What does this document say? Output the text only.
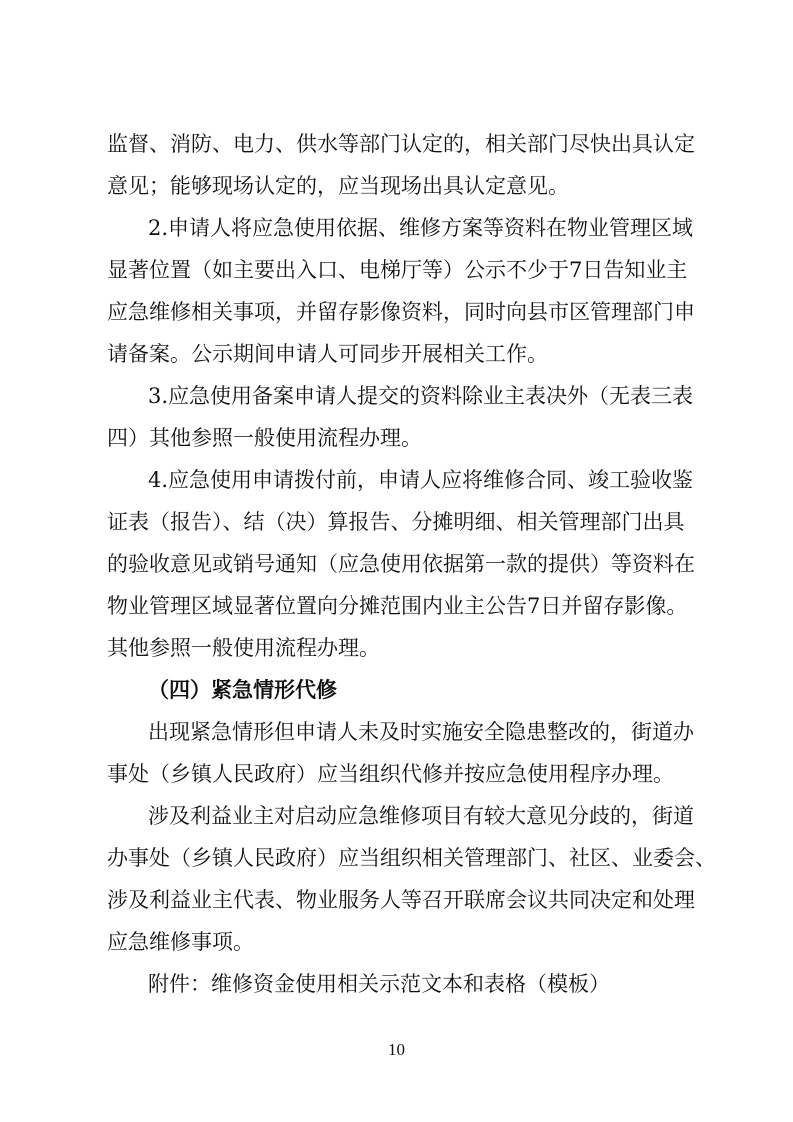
监督、消防、电力、供水等部门认定的，相关部门尽快出具认定
意见；能够现场认定的，应当现场出具认定意见。
2.申请人将应急使用依据、维修方案等资料在物业管理区域
显著位置（如主要出入口、电梯厅等）公示不少于7日告知业主
应急维修相关事项，并留存影像资料，同时向县市区管理部门申
请备案。公示期间申请人可同步开展相关工作。
3.应急使用备案申请人提交的资料除业主表决外（无表三表
四）其他参照一般使用流程办理。
4.应急使用申请拨付前，申请人应将维修合同、竣工验收鉴
证表（报告）、结（决）算报告、分摊明细、相关管理部门出具
的验收意见或销号通知（应急使用依据第一款的提供）等资料在
物业管理区域显著位置向分摊范围内业主公告7日并留存影像。
其他参照一般使用流程办理。
（四）紧急情形代修
出现紧急情形但申请人未及时实施安全隐患整改的，街道办
事处（乡镇人民政府）应当组织代修并按应急使用程序办理。
涉及利益业主对启动应急维修项目有较大意见分歧的，街道
办事处（乡镇人民政府）应当组织相关管理部门、社区、业委会、
涉及利益业主代表、物业服务人等召开联席会议共同决定和处理
应急维修事项。
附件：维修资金使用相关示范文本和表格（模板）
10
